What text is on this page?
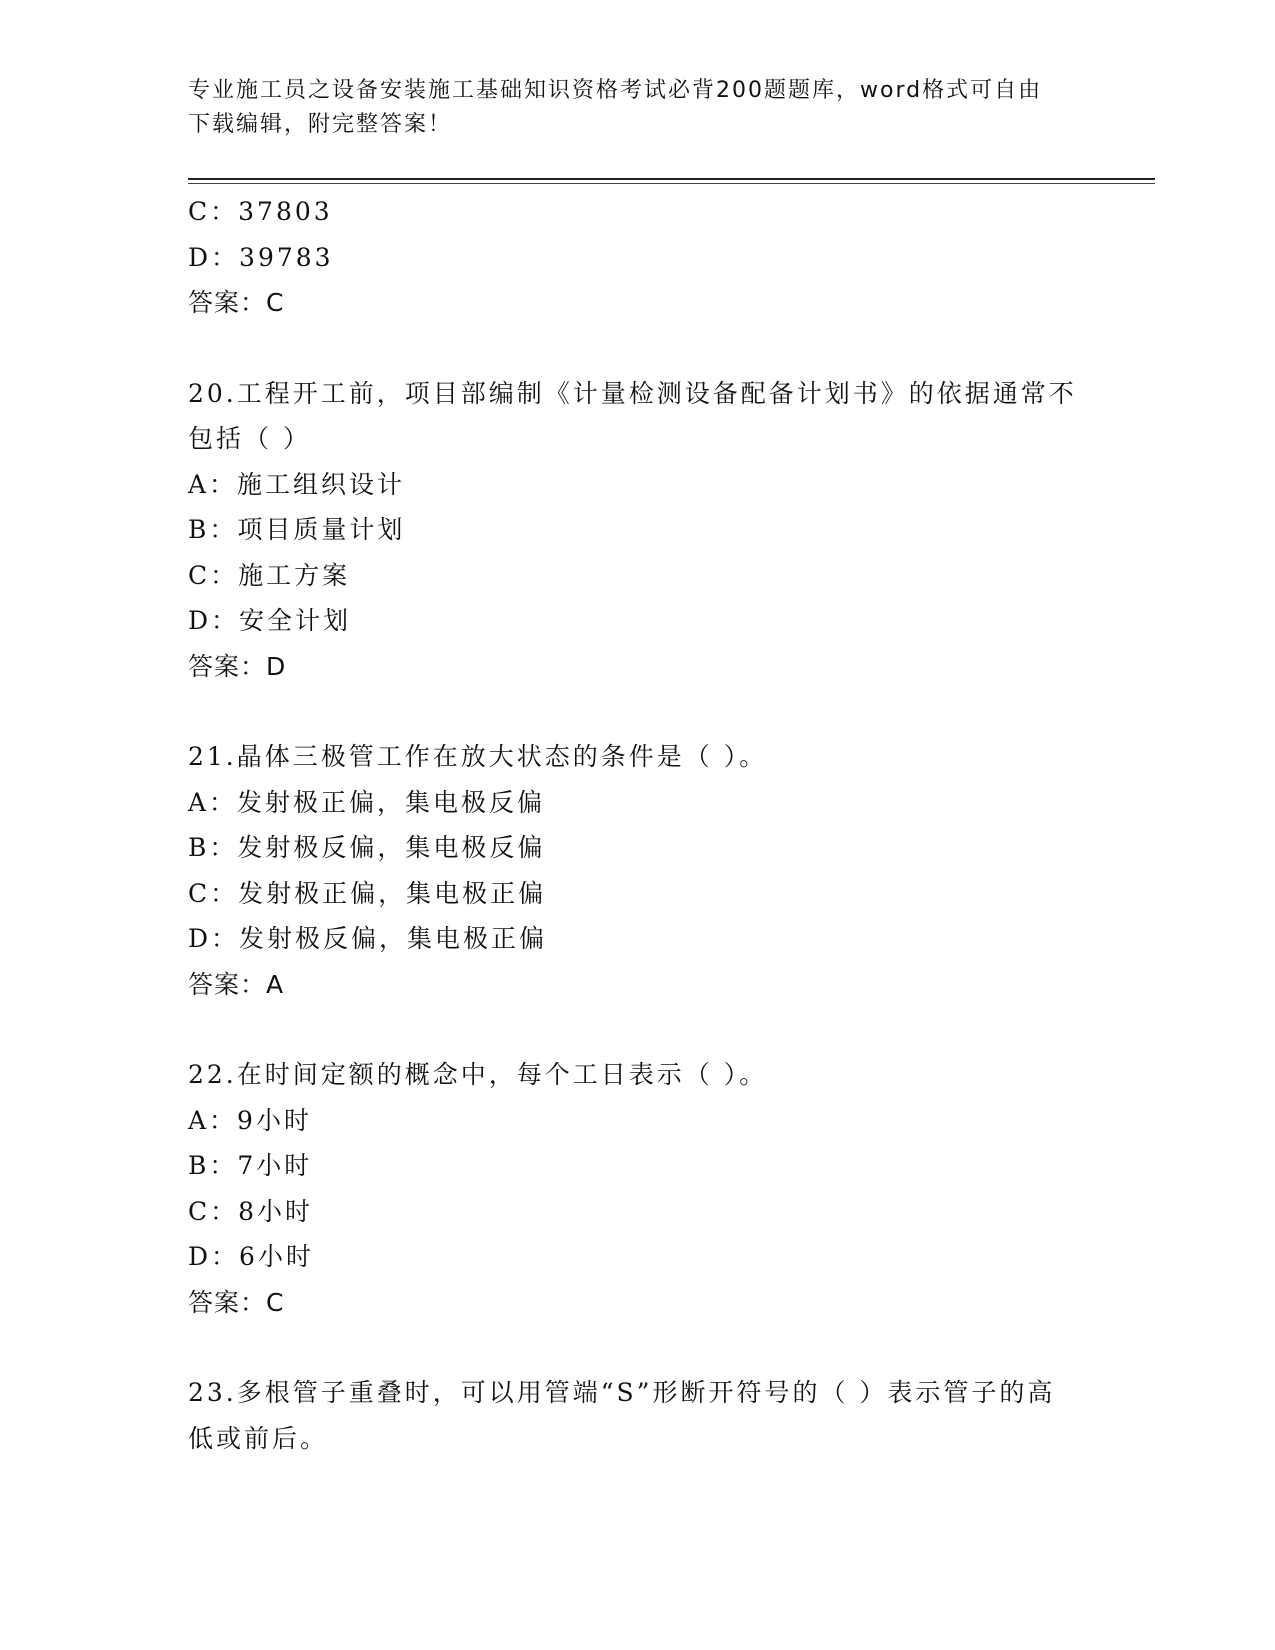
专业施工员之设备安装施工基础知识资格考试必背200题题库，word格式可自由
下载编辑，附完整答案！
C：37803
D：39783
答案：C
20.工程开工前，项目部编制《计量检测设备配备计划书》的依据通常不包括（ ）
A：施工组织设计
B：项目质量计划
C：施工方案
D：安全计划
答案：D
21.晶体三极管工作在放大状态的条件是（ ）。
A：发射极正偏，集电极反偏
B：发射极反偏，集电极反偏
C：发射极正偏，集电极正偏
D：发射极反偏，集电极正偏
答案：A
22.在时间定额的概念中，每个工日表示（ ）。
A：9小时
B：7小时
C：8小时
D：6小时
答案：C
23.多根管子重叠时，可以用管端“S”形断开符号的（ ）表示管子的高低或前后。
